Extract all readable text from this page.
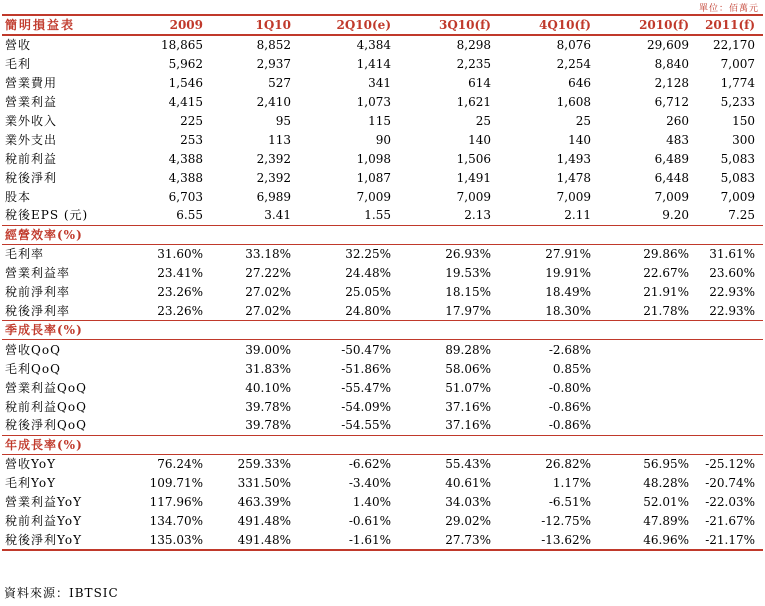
單位：佰萬元
簡明損益表	2009	1Q10	2Q10(e)	3Q10(f)	4Q10(f)	2010(f)	2011(f)
營收	18,865	8,852	4,384	8,298	8,076	29,609	22,170
毛利	5,962	2,937	1,414	2,235	2,254	8,840	7,007
營業費用	1,546	527	341	614	646	2,128	1,774
營業利益	4,415	2,410	1,073	1,621	1,608	6,712	5,233
業外收入	225	95	115	25	25	260	150
業外支出	253	113	90	140	140	483	300
稅前利益	4,388	2,392	1,098	1,506	1,493	6,489	5,083
稅後淨利	4,388	2,392	1,087	1,491	1,478	6,448	5,083
股本	6,703	6,989	7,009	7,009	7,009	7,009	7,009
稅後EPS (元)	6.55	3.41	1.55	2.13	2.11	9.20	7.25
經營效率(%)							
毛利率	31.60%	33.18%	32.25%	26.93%	27.91%	29.86%	31.61%
營業利益率	23.41%	27.22%	24.48%	19.53%	19.91%	22.67%	23.60%
稅前淨利率	23.26%	27.02%	25.05%	18.15%	18.49%	21.91%	22.93%
稅後淨利率	23.26%	27.02%	24.80%	17.97%	18.30%	21.78%	22.93%
季成長率(%)							
營收QoQ		39.00%	-50.47%	89.28%	-2.68%		
毛利QoQ		31.83%	-51.86%	58.06%	0.85%		
營業利益QoQ		40.10%	-55.47%	51.07%	-0.80%		
稅前利益QoQ		39.78%	-54.09%	37.16%	-0.86%		
稅後淨利QoQ		39.78%	-54.55%	37.16%	-0.86%		
年成長率(%)							
營收YoY	76.24%	259.33%	-6.62%	55.43%	26.82%	56.95%	-25.12%
毛利YoY	109.71%	331.50%	-3.40%	40.61%	1.17%	48.28%	-20.74%
營業利益YoY	117.96%	463.39%	1.40%	34.03%	-6.51%	52.01%	-22.03%
稅前利益YoY	134.70%	491.48%	-0.61%	29.02%	-12.75%	47.89%	-21.67%
稅後淨利YoY	135.03%	491.48%	-1.61%	27.73%	-13.62%	46.96%	-21.17%
資料來源：IBTSIC
